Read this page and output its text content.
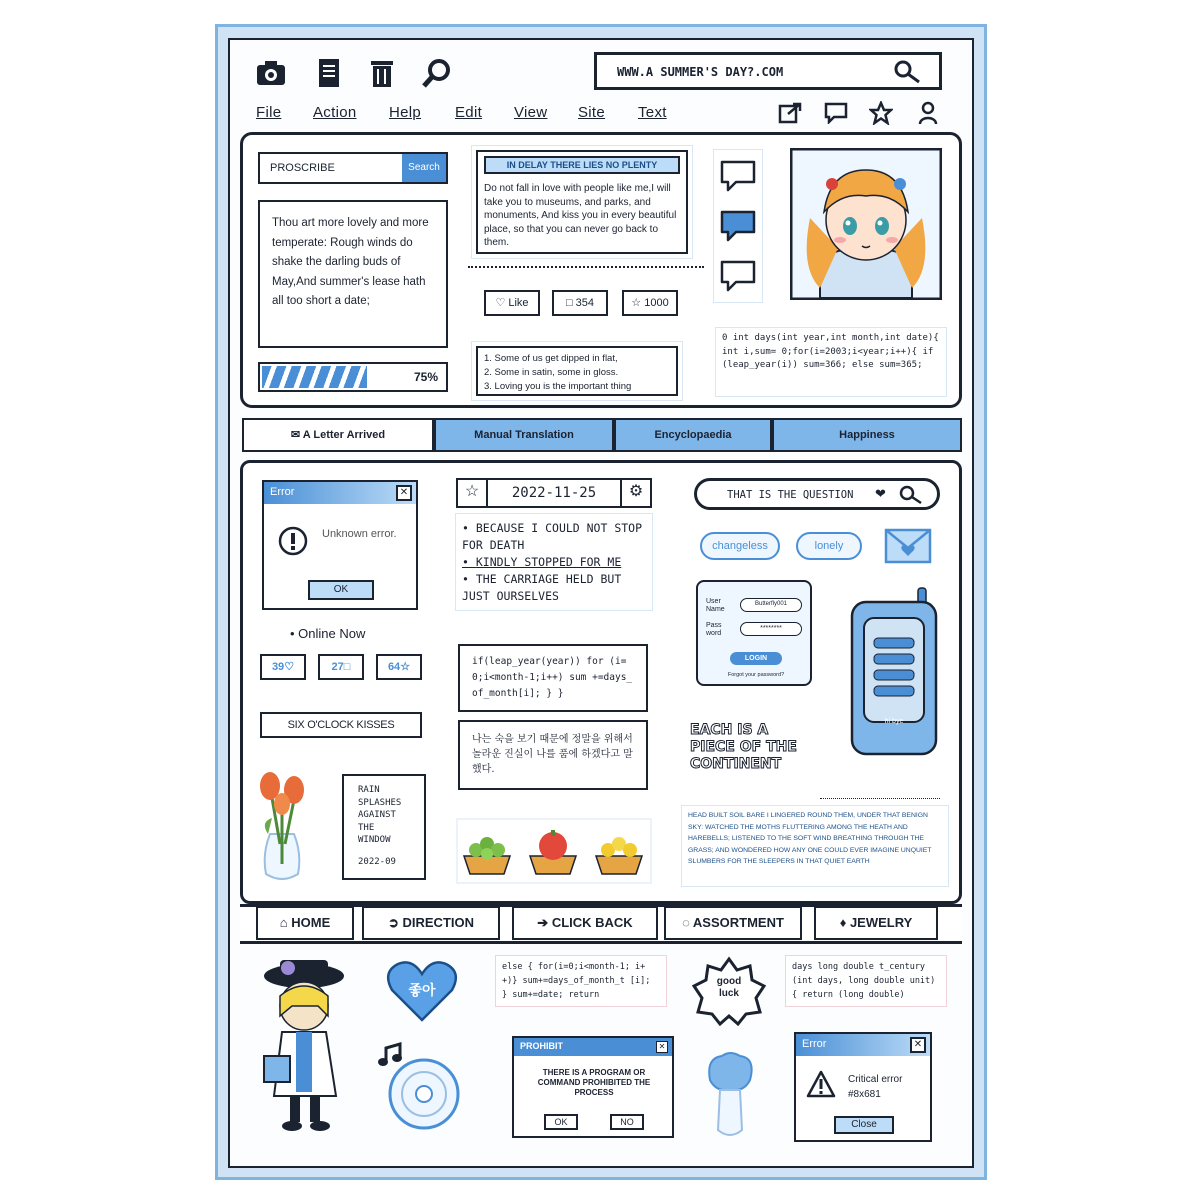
WWW.A SUMMER'S DAY?.COM
File Action Help Edit View Site Text
PROSCRIBE	Search
Thou art more lovely and more temperate: Rough winds do shake the darling buds of May,And summer's lease hath all too short a date;
75%
IN DELAY THERE LIES NO PLENTY
Do not fall in love with people like me,I will take you to museums, and parks, and monuments, And kiss you in every beautiful place, so that you can never go back to them.
♡ Like	□ 354	☆ 1000
1. Some of us get dipped in flat,
2. Some in satin, some in gloss.
3. Loving you is the important thing
0 int days(int year,int month,int date){ int i,sum= 0;for(i=2003;i<year;i++){ if(leap_year(i)) sum=366; else sum=365;
✉ A Letter Arrived	Manual Translation	Encyclopaedia	Happiness
Error	✕
Unknown error.
OK
• Online Now
39♡	27□	64☆
SIX O'CLOCK KISSES
RAIN SPLASHES AGAINST THE WINDOW
2022-09
☆	2022-11-25	⚙
• BECAUSE I COULD NOT STOP FOR DEATH
• KINDLY STOPPED FOR ME
• THE CARRIAGE HELD BUT JUST OURSELVES
if(leap_year(year)) for (i=0;i<month-1;i++) sum +=days_of_month[i]; } }
나는 숙을 보기 때문에 정말을 위해서 놀라운 진실이 나를 품에 하겠다고 말했다.
THAT IS THE QUESTION ❤
changeless	lonely
User Name
Butterfly001
Pass word
********
LOGIN
Forgot your password?
hi bye
EACH IS A PIECE OF THE CONTINENT
HEAD BUILT SOIL BARE I LINGERED ROUND THEM, UNDER THAT BENIGN SKY: WATCHED THE MOTHS FLUTTERING AMONG THE HEATH AND HAREBELLS; LISTENED TO THE SOFT WIND BREATHING THROUGH THE GRASS; AND WONDERED HOW ANY ONE COULD EVER IMAGINE UNQUIET SLUMBERS FOR THE SLEEPERS IN THAT QUIET EARTH
⌂ HOME	➲ DIRECTION	➔ CLICK BACK	◌ ASSORTMENT	♦ JEWELRY
좋아
else { for(i=0;i<month-1; i++)} sum+=days_of_month_t [i]; } sum+=date; return
good luck
days long double t_century (int days, long double unit) { return (long double)
PROHIBIT	✕
THERE IS A PROGRAM OR COMMAND PROHIBITED THE PROCESS
OK	NO
Error	✕
Critical error #8x681
Close
